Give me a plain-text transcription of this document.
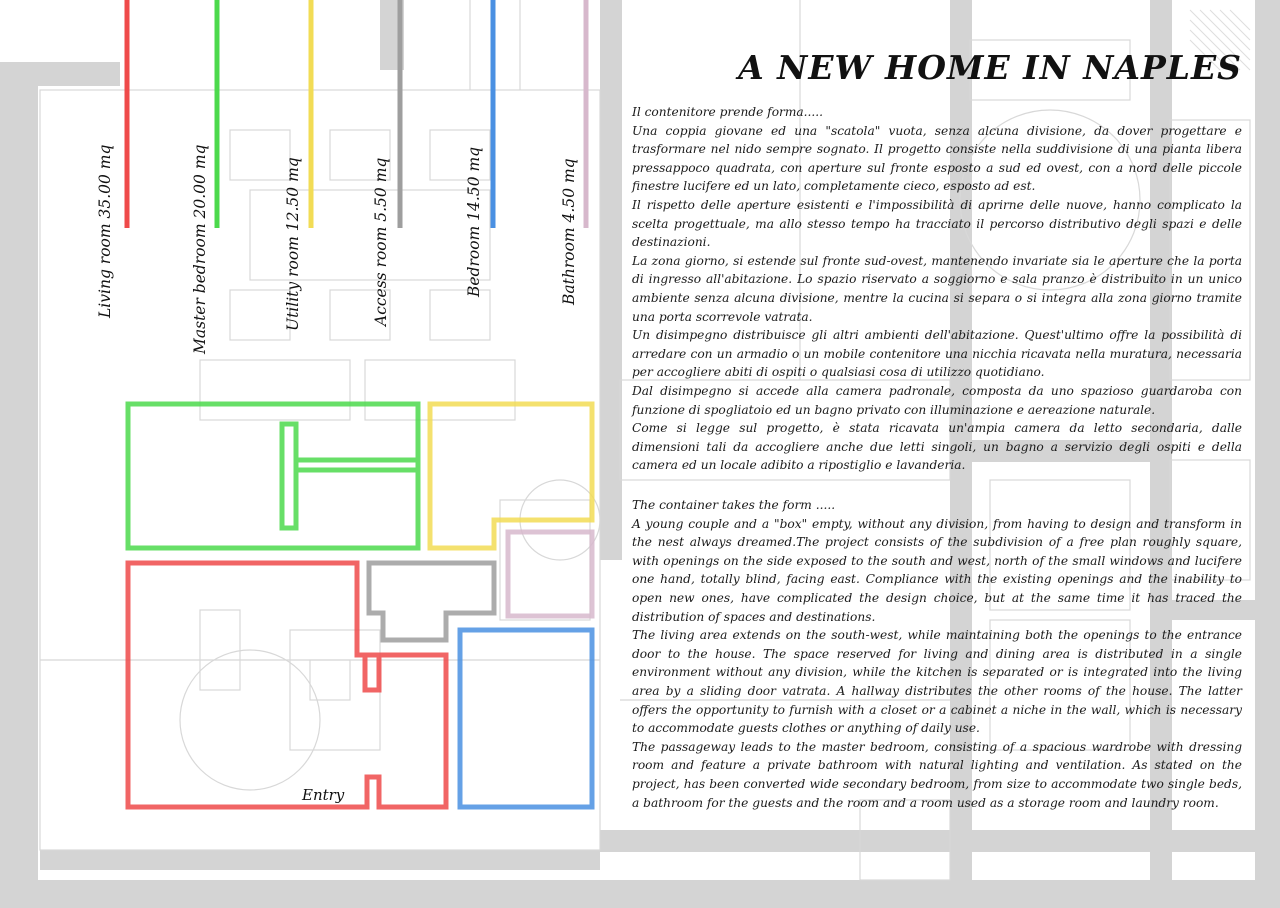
Living room 35.00 mq	Master bedroom 20.00 mq	Utility room 12.50 mq	Access room 5.50 mq	Bedroom 14.50 mq	Bathroom 4.50 mq
Entry
A NEW HOME IN NAPLES

Il contenitore prende forma.....

Una coppia giovane ed una "scatola" vuota, senza alcuna divisione, da dover progettare e trasformare nel nido sempre sognato. Il progetto consiste nella suddivisione di una pianta libera pressappoco quadrata, con aperture sul fronte esposto a sud ed ovest, con a nord delle piccole finestre lucifere ed un lato, completamente cieco, esposto ad est.

Il rispetto delle aperture esistenti e l'impossibilità di aprirne delle nuove, hanno complicato la scelta progettuale, ma allo stesso tempo ha tracciato il percorso distributivo degli spazi e delle destinazioni.

La zona giorno, si estende sul fronte sud-ovest, mantenendo invariate sia le aperture che la porta di ingresso all'abitazione. Lo spazio riservato a soggiorno e sala pranzo è distribuito in un unico ambiente senza alcuna divisione, mentre la cucina si separa o si integra alla zona giorno tramite una porta scorrevole vatrata.

Un disimpegno distribuisce gli altri ambienti dell'abitazione. Quest'ultimo offre la possibilità di arredare con un armadio o un mobile contenitore una nicchia ricavata nella muratura, necessaria per accogliere abiti di ospiti o qualsiasi cosa di utilizzo quotidiano.

Dal disimpegno si accede alla camera padronale, composta da uno spazioso guardaroba con funzione di spogliatoio ed un bagno privato con illuminazione e aereazione naturale.

Come si legge sul progetto, è stata ricavata un'ampia camera da letto secondaria, dalle dimensioni tali da accogliere anche due letti singoli, un bagno a servizio degli ospiti e della camera ed un locale adibito a ripostiglio e lavanderia.

The container takes the form .....

A young couple and a "box" empty, without any division, from having to design and transform in the nest always dreamed.The project consists of the subdivision of a free plan roughly square, with openings on the side exposed to the south and west, north of the small windows and lucifere one hand, totally blind, facing east. Compliance with the existing openings and the inability to open new ones, have complicated the design choice, but at the same time it has traced the distribution of spaces and destinations.

The living area extends on the south-west, while maintaining both the openings to the entrance door to the house. The space reserved for living and dining area is distributed in a single environment without any division, while the kitchen is separated or is integrated into the living area by a sliding door vatrata. A hallway distributes the other rooms of the house. The latter offers the opportunity to furnish with a closet or a cabinet a niche in the wall, which is necessary to accommodate guests clothes or anything of daily use.

The passageway leads to the master bedroom, consisting of a spacious wardrobe with dressing room and feature a private bathroom with natural lighting and ventilation. As stated on the project, has been converted wide secondary bedroom, from size to accommodate two single beds, a bathroom for the guests and the room and a room used as a storage room and laundry room.
